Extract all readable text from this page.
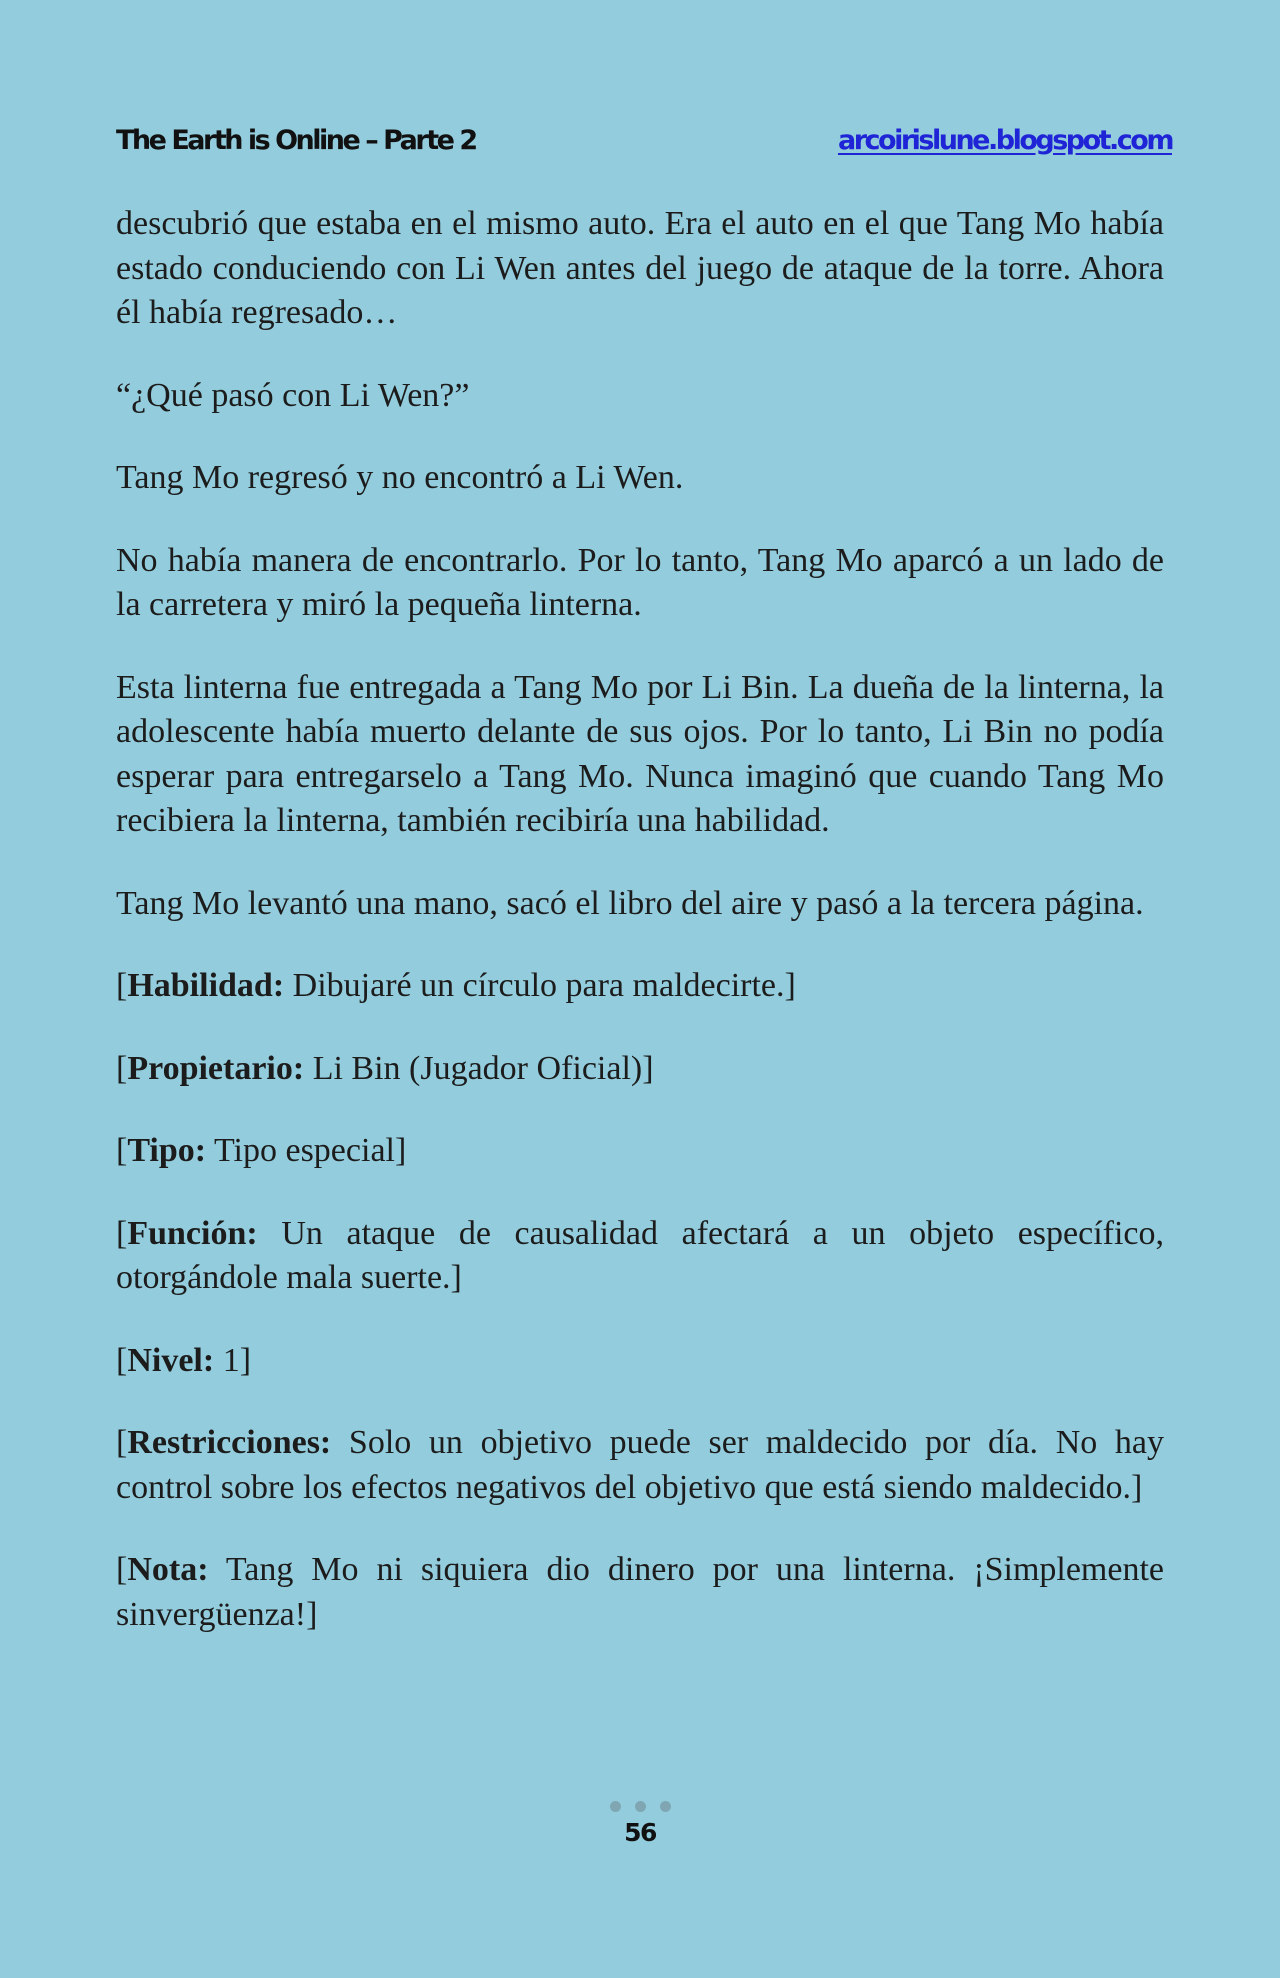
The Earth is Online – Parte 2	arcoirislune.blogspot.com

descubrió que estaba en el mismo auto. Era el auto en el que Tang Mo había estado conduciendo con Li Wen antes del juego de ataque de la torre. Ahora él había regresado…

“¿Qué pasó con Li Wen?”

Tang Mo regresó y no encontró a Li Wen.

No había manera de encontrarlo. Por lo tanto, Tang Mo aparcó a un lado de la carretera y miró la pequeña linterna.

Esta linterna fue entregada a Tang Mo por Li Bin. La dueña de la linterna, la adolescente había muerto delante de sus ojos. Por lo tanto, Li Bin no podía esperar para entregarselo a Tang Mo. Nunca imaginó que cuando Tang Mo recibiera la linterna, también recibiría una habilidad.

Tang Mo levantó una mano, sacó el libro del aire y pasó a la tercera página.

[Habilidad: Dibujaré un círculo para maldecirte.]

[Propietario: Li Bin (Jugador Oficial)]

[Tipo: Tipo especial]

[Función: Un ataque de causalidad afectará a un objeto específico, otorgándole mala suerte.]

[Nivel: 1]

[Restricciones: Solo un objetivo puede ser maldecido por día. No hay control sobre los efectos negativos del objetivo que está siendo maldecido.]

[Nota: Tang Mo ni siquiera dio dinero por una linterna. ¡Simplemente sinvergüenza!]

56
